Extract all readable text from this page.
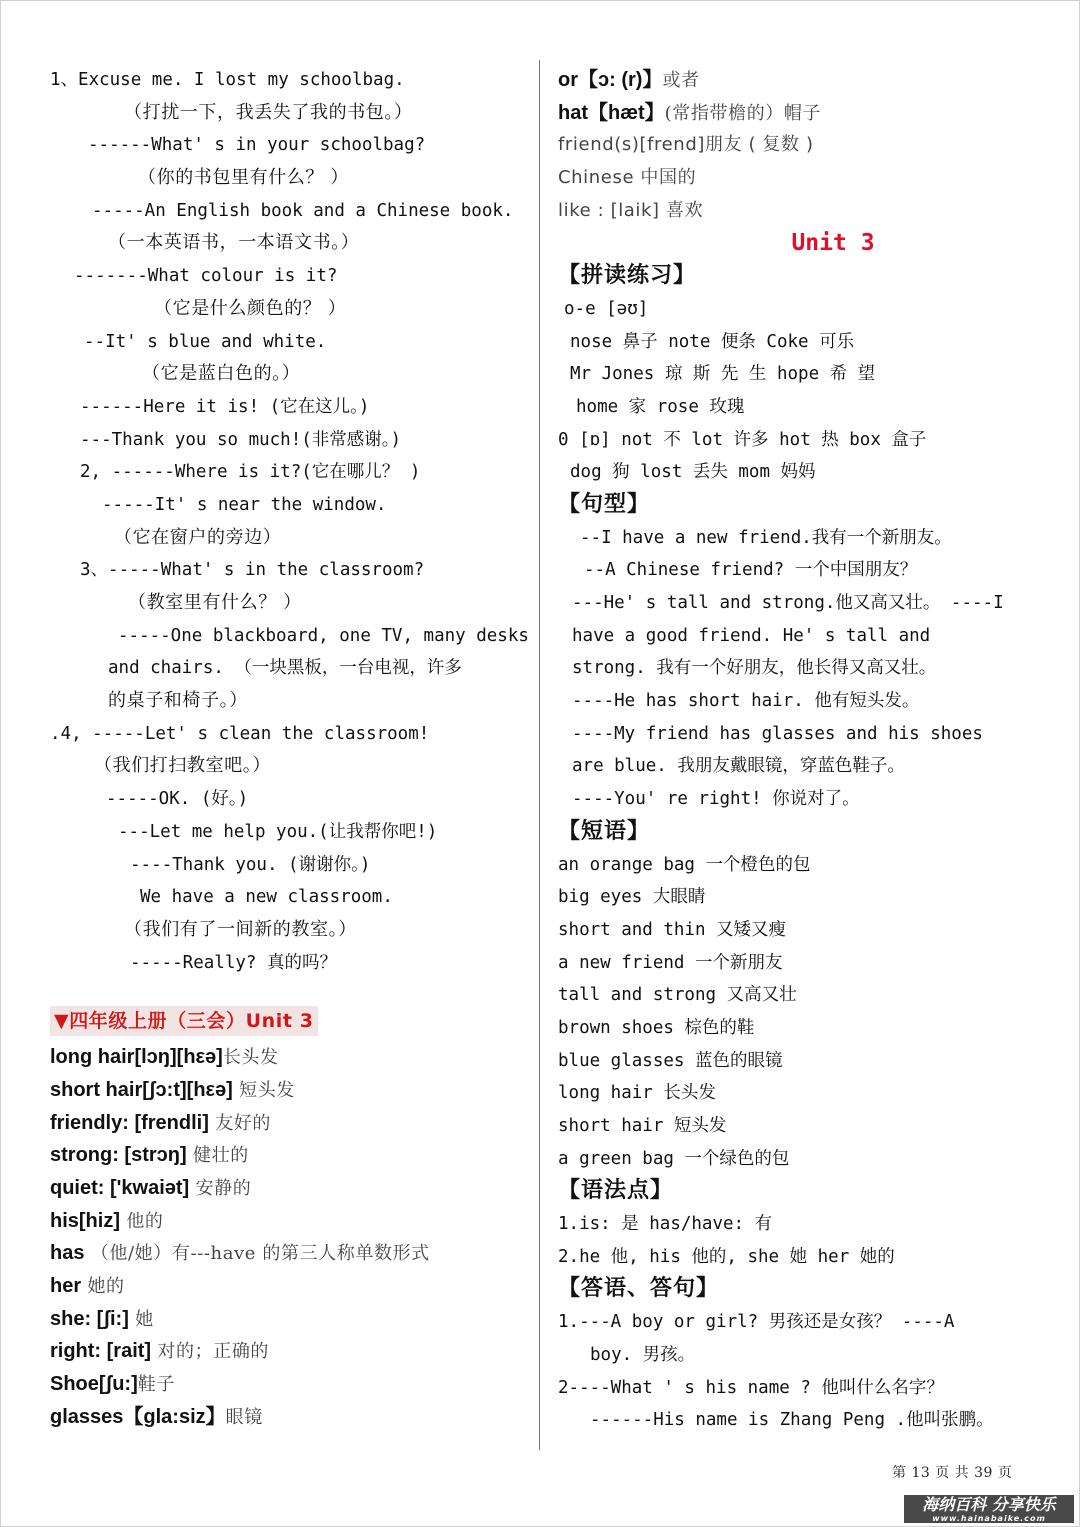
1、Excuse me. I lost my schoolbag.
（打扰一下，我丢失了我的书包。）
------What' s in your schoolbag?
（你的书包里有什么？ ）
-----An English book and a Chinese book.
（一本英语书，一本语文书。）
-------What colour is it?
（它是什么颜色的？ ）
--It' s blue and white.
（它是蓝白色的。）
------Here it is! (它在这儿。)
---Thank you so much!(非常感谢。)
2, ------Where is it?(它在哪儿？ )
-----It' s near the window.
（它在窗户的旁边）
3、-----What' s in the classroom?
（教室里有什么？ ）
-----One blackboard, one TV, many desks
and chairs. （一块黑板，一台电视，许多
的桌子和椅子。）
.4, -----Let' s clean the classroom!
（我们打扫教室吧。）
-----OK. (好。)
---Let me help you.(让我帮你吧!)
----Thank you. (谢谢你。)
We have a new classroom.
（我们有了一间新的教室。）
-----Really? 真的吗？
▼四年级上册（三会）Unit 3
long hair[lɔŋ][hεə]长头发
short hair[ʃɔ:t][hεə] 短头发
friendly: [frendli] 友好的
strong: [strɔŋ] 健壮的
quiet: ['kwaiət] 安静的
his[hiz] 他的
has （他/她）有---have 的第三人称单数形式
her 她的
she: [ʃi:] 她
right: [rait] 对的；正确的
Shoe[ʃu:]鞋子
glasses【gla:siz】眼镜
or【ɔ: (r)】或者
hat【hæt】(常指带檐的）帽子
friend(s)[frend]朋友 ( 复数 )
Chinese 中国的
like : [laik] 喜欢
Unit 3
【拼读练习】
o-e [əʊ]
nose 鼻子 note 便条 Coke 可乐
Mr Jones 琼 斯 先 生 hope 希 望
home 家 rose 玫瑰
0 [ɒ] not 不 lot 许多 hot 热 box 盒子
dog 狗 lost 丢失 mom 妈妈
【句型】
--I have a new friend.我有一个新朋友。
--A Chinese friend? 一个中国朋友？
---He' s tall and strong.他又高又壮。 ----I
have a good friend. He' s tall and
strong. 我有一个好朋友，他长得又高又壮。
----He has short hair. 他有短头发。
----My friend has glasses and his shoes
are blue. 我朋友戴眼镜，穿蓝色鞋子。
----You' re right! 你说对了。
【短语】
an orange bag 一个橙色的包
big eyes 大眼睛
short and thin 又矮又瘦
a new friend 一个新朋友
tall and strong 又高又壮
brown shoes 棕色的鞋
blue glasses 蓝色的眼镜
long hair 长头发
short hair 短头发
a green bag 一个绿色的包
【语法点】
1.is: 是 has/have: 有
2.he 他, his 他的, she 她 her 她的
【答语、答句】
1.---A boy or girl? 男孩还是女孩？ ----A
boy. 男孩。
2----What ' s his name ? 他叫什么名字？
------His name is Zhang Peng .他叫张鹏。
第 13 页 共 39 页
海纳百科 分享快乐
www.hainabaike.com
